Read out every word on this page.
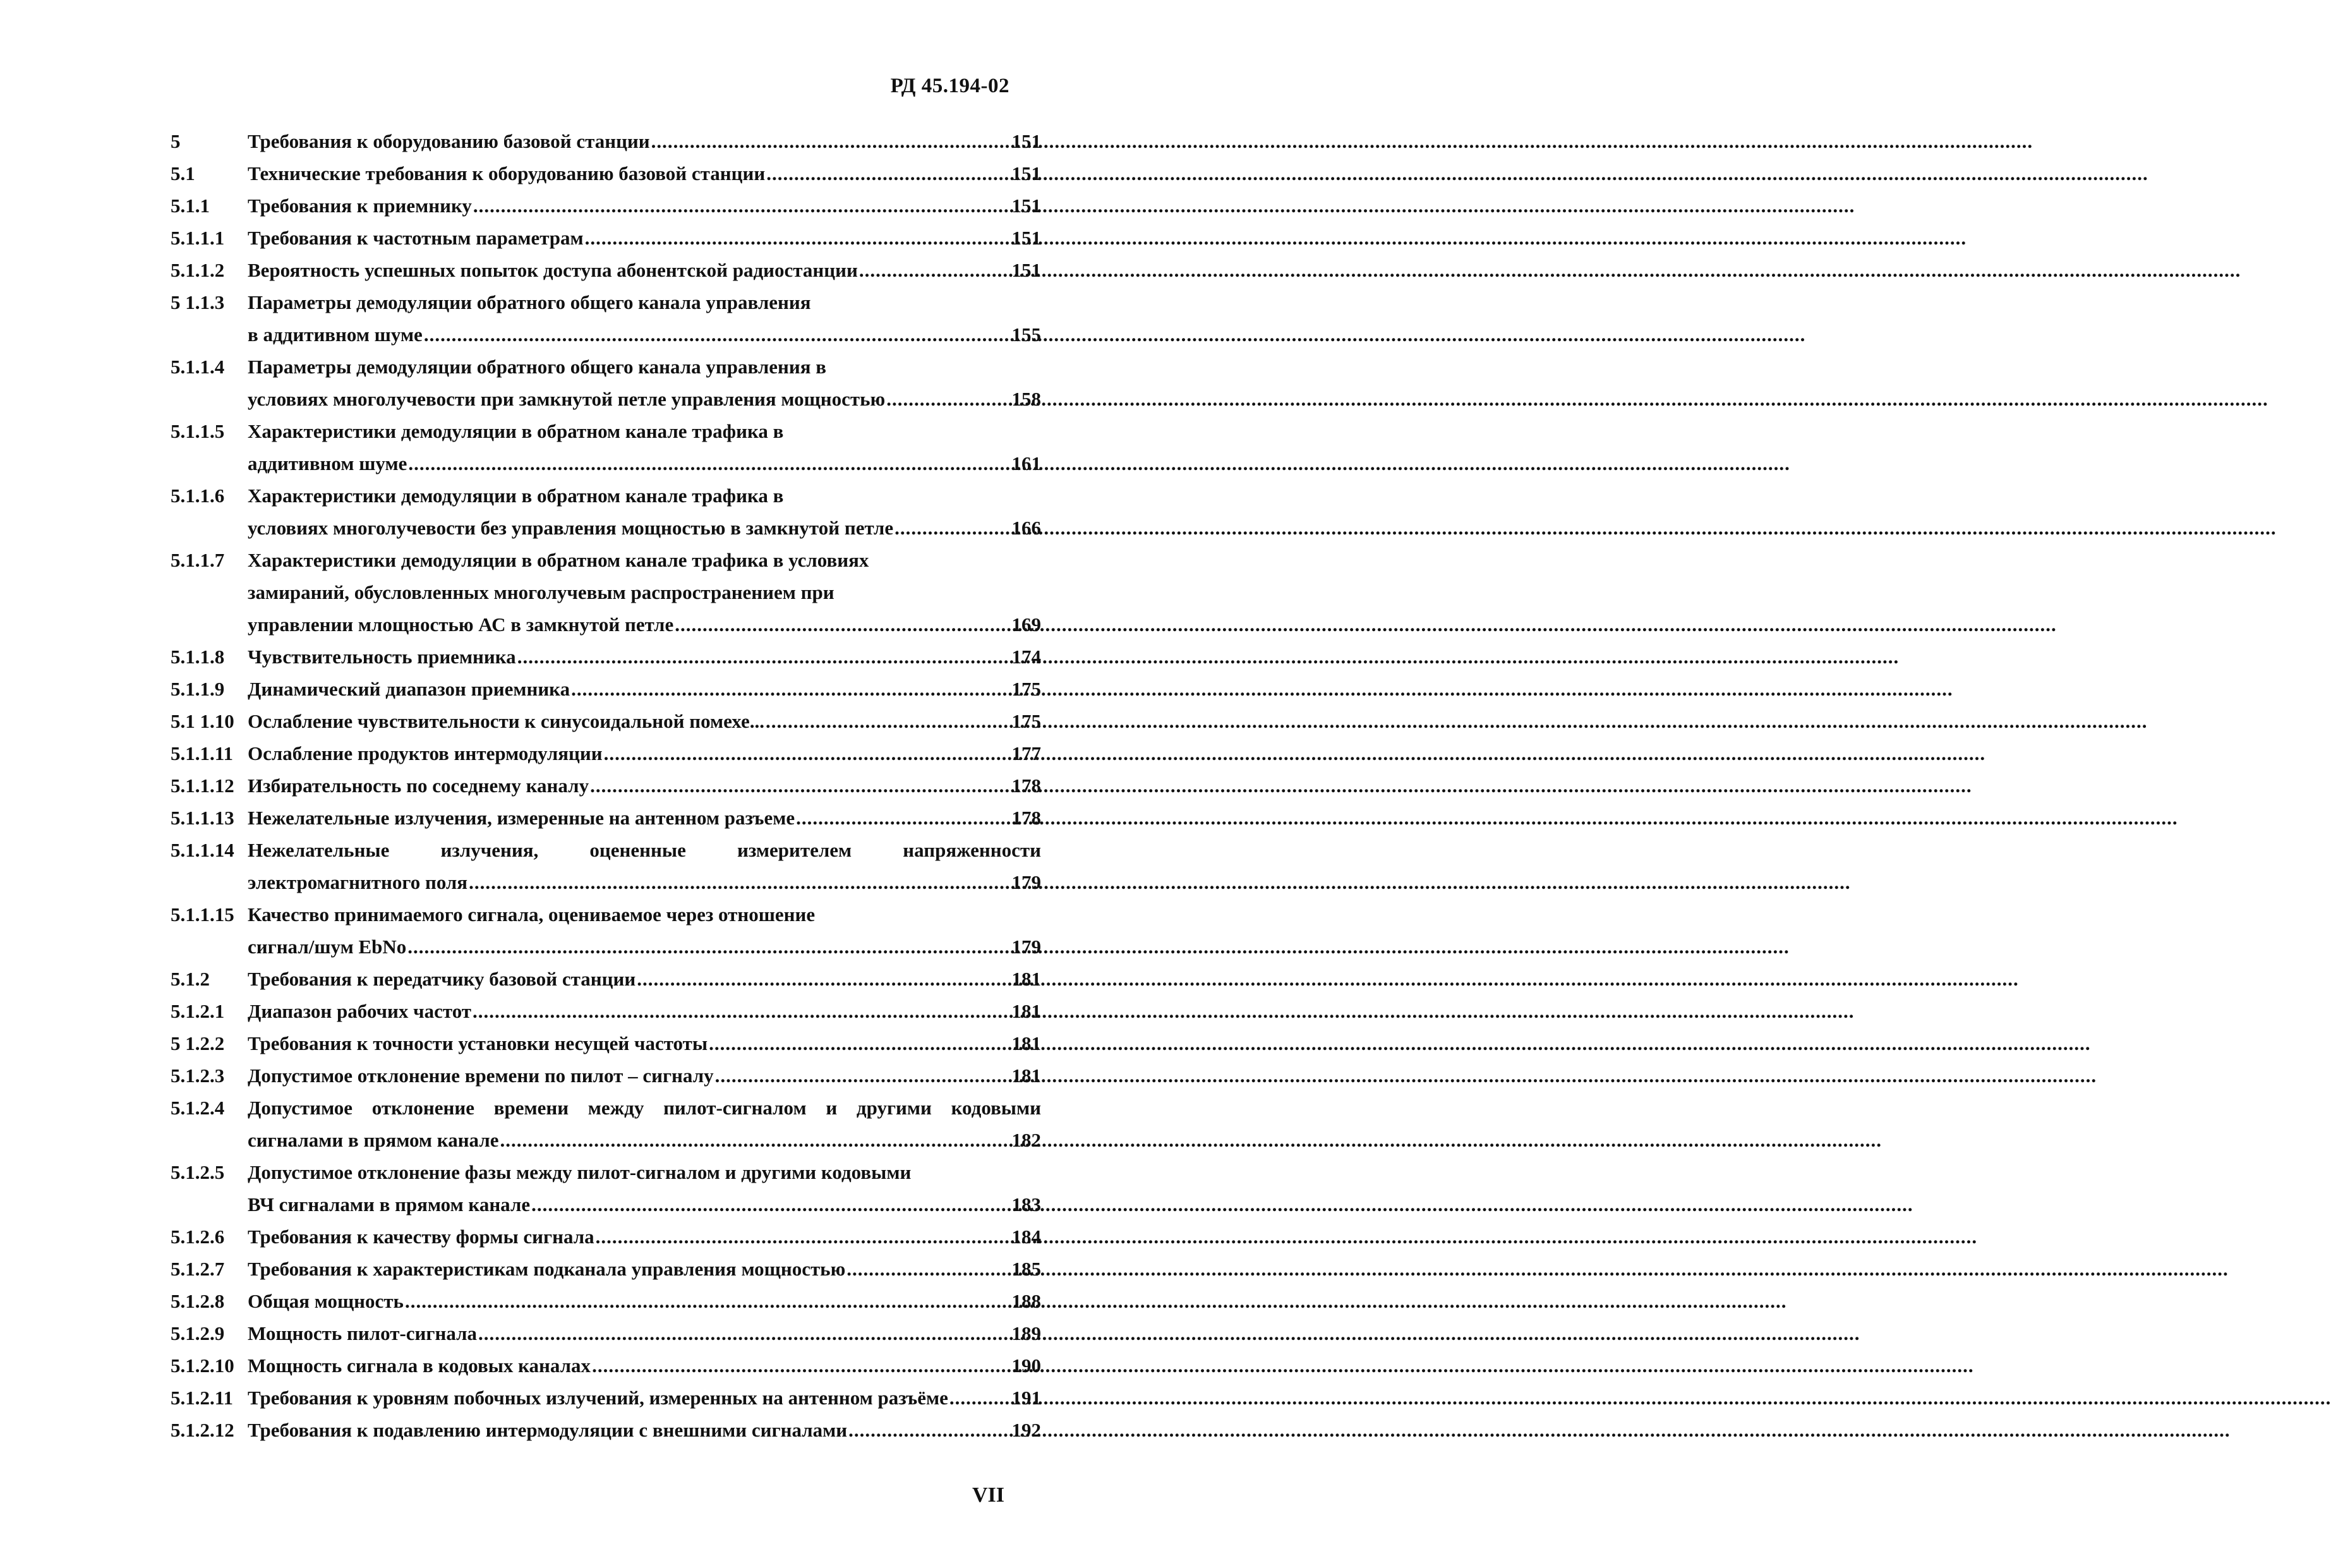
РД 45.194-02
5	Требования к оборудованию базовой станции .....	151
5.1	Технические требования к оборудованию базовой станции .....	151
5.1.1	Требования к приемнику .....	151
5.1.1.1	Требования к частотным параметрам .....	151
5.1.1.2	Вероятность успешных попыток доступа абонентской радиостанции .....	151
5 1.1.3	Параметры демодуляции обратного общего канала управления
в аддитивном шуме .....	155
5.1.1.4	Параметры демодуляции обратного общего канала управления в
условиях многолучевости при замкнутой петле управления мощностью .....	158
5.1.1.5	Характеристики демодуляции в обратном канале трафика в
аддитивном шуме .....	161
5.1.1.6	Характеристики демодуляции в обратном канале трафика в
условиях многолучевости без управления мощностью в замкнутой петле .....	166
5.1.1.7	Характеристики демодуляции в обратном канале трафика в условиях
замираний, обусловленных многолучевым распространением при
управлении млощностью АС в замкнутой петле .....	169
5.1.1.8	Чувствительность приемника .....	174
5.1.1.9	Динамический диапазон приемника .....	175
5.1 1.10 Ослабление чувствительности к синусоидальной помехе... .....	175
5.1.1.11 Ослабление продуктов интермодуляции .....	177
5.1.1.12 Избирательность по соседнему каналу .....	178
5.1.1.13 Нежелательные излучения, измеренные на антенном разъеме .....	178
5.1.1.14 Нежелательные излучения, оцененные измерителем напряженности
электромагнитного поля .....	179
5.1.1.15 Качество принимаемого сигнала, оцениваемое через отношение
сигнал/шум EbNo .....	179
5.1.2	Требования к передатчику базовой станции .....	181
5.1.2.1	Диапазон рабочих частот .....	181
5 1.2.2	Требования к точности установки несущей частоты .....	181
5.1.2.3	Допустимое отклонение времени по пилот – сигналу .....	181
5.1.2.4	Допустимое отклонение времени между пилот-сигналом и другими кодовыми
сигналами в прямом канале .....	182
5.1.2.5	Допустимое отклонение фазы между пилот-сигналом и другими кодовыми
ВЧ сигналами в прямом канале .....	183
5.1.2.6	Требования к качеству формы сигнала .....	184
5.1.2.7	Требования к характеристикам подканала управления мощностью .....	185
5.1.2.8	Общая мощность .....	188
5.1.2.9	Мощность пилот-сигнала .....	189
5.1.2.10 Мощность сигнала в кодовых каналах .....	190
5.1.2.11 Требования к уровням побочных излучений, измеренных на антенном разъёме .....	191
5.1.2.12 Требования к подавлению интермодуляции с внешними сигналами .....	192
VII
